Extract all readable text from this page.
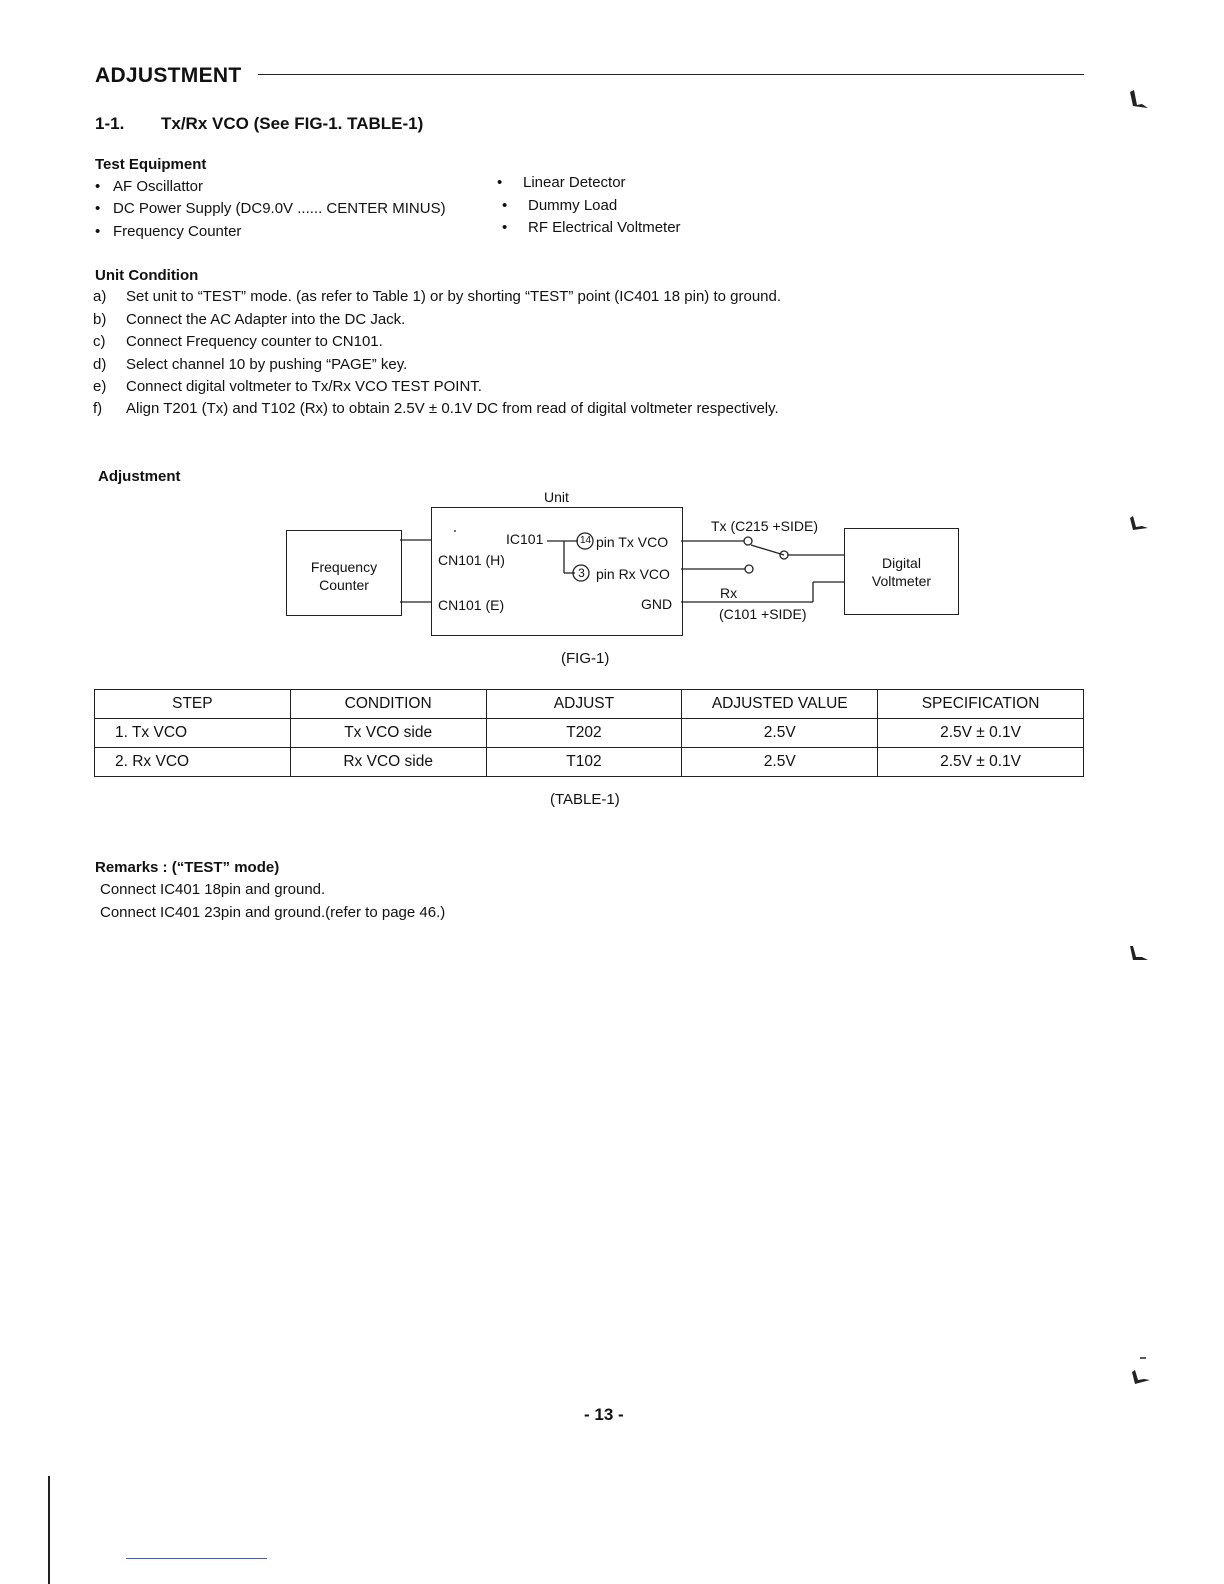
ADJUSTMENT
1-1. Tx/Rx VCO (See FIG-1. TABLE-1)
Test Equipment
• AF Oscillattor
• DC Power Supply (DC9.0V ...... CENTER MINUS)
• Frequency Counter
• Linear Detector
• Dummy Load
• RF Electrical Voltmeter
Unit Condition
a) Set unit to “TEST” mode. (as refer to Table 1) or by shorting “TEST” point (IC401 18 pin) to ground.
b) Connect the AC Adapter into the DC Jack.
c) Connect Frequency counter to CN101.
d) Select channel 10 by pushing “PAGE” key.
e) Connect digital voltmeter to Tx/Rx VCO TEST POINT.
f) Align T201 (Tx) and T102 (Rx) to obtain 2.5V ± 0.1V DC from read of digital voltmeter respectively.
Adjustment
Unit
Frequency
Counter
Digital
Voltmeter
IC101	14 pin Tx VCO
3 pin Rx VCO
CN101 (H)
CN101 (E)	GND
Tx (C215 +SIDE)
Rx
(C101 +SIDE)
(FIG-1)
STEP	CONDITION	ADJUST	ADJUSTED VALUE	SPECIFICATION
1. Tx VCO	Tx VCO side	T202	2.5V	2.5V ± 0.1V
2. Rx VCO	Rx VCO side	T102	2.5V	2.5V ± 0.1V
(TABLE-1)
Remarks : (“TEST” mode)
Connect IC401 18pin and ground.
Connect IC401 23pin and ground.(refer to page 46.)
- 13 -
